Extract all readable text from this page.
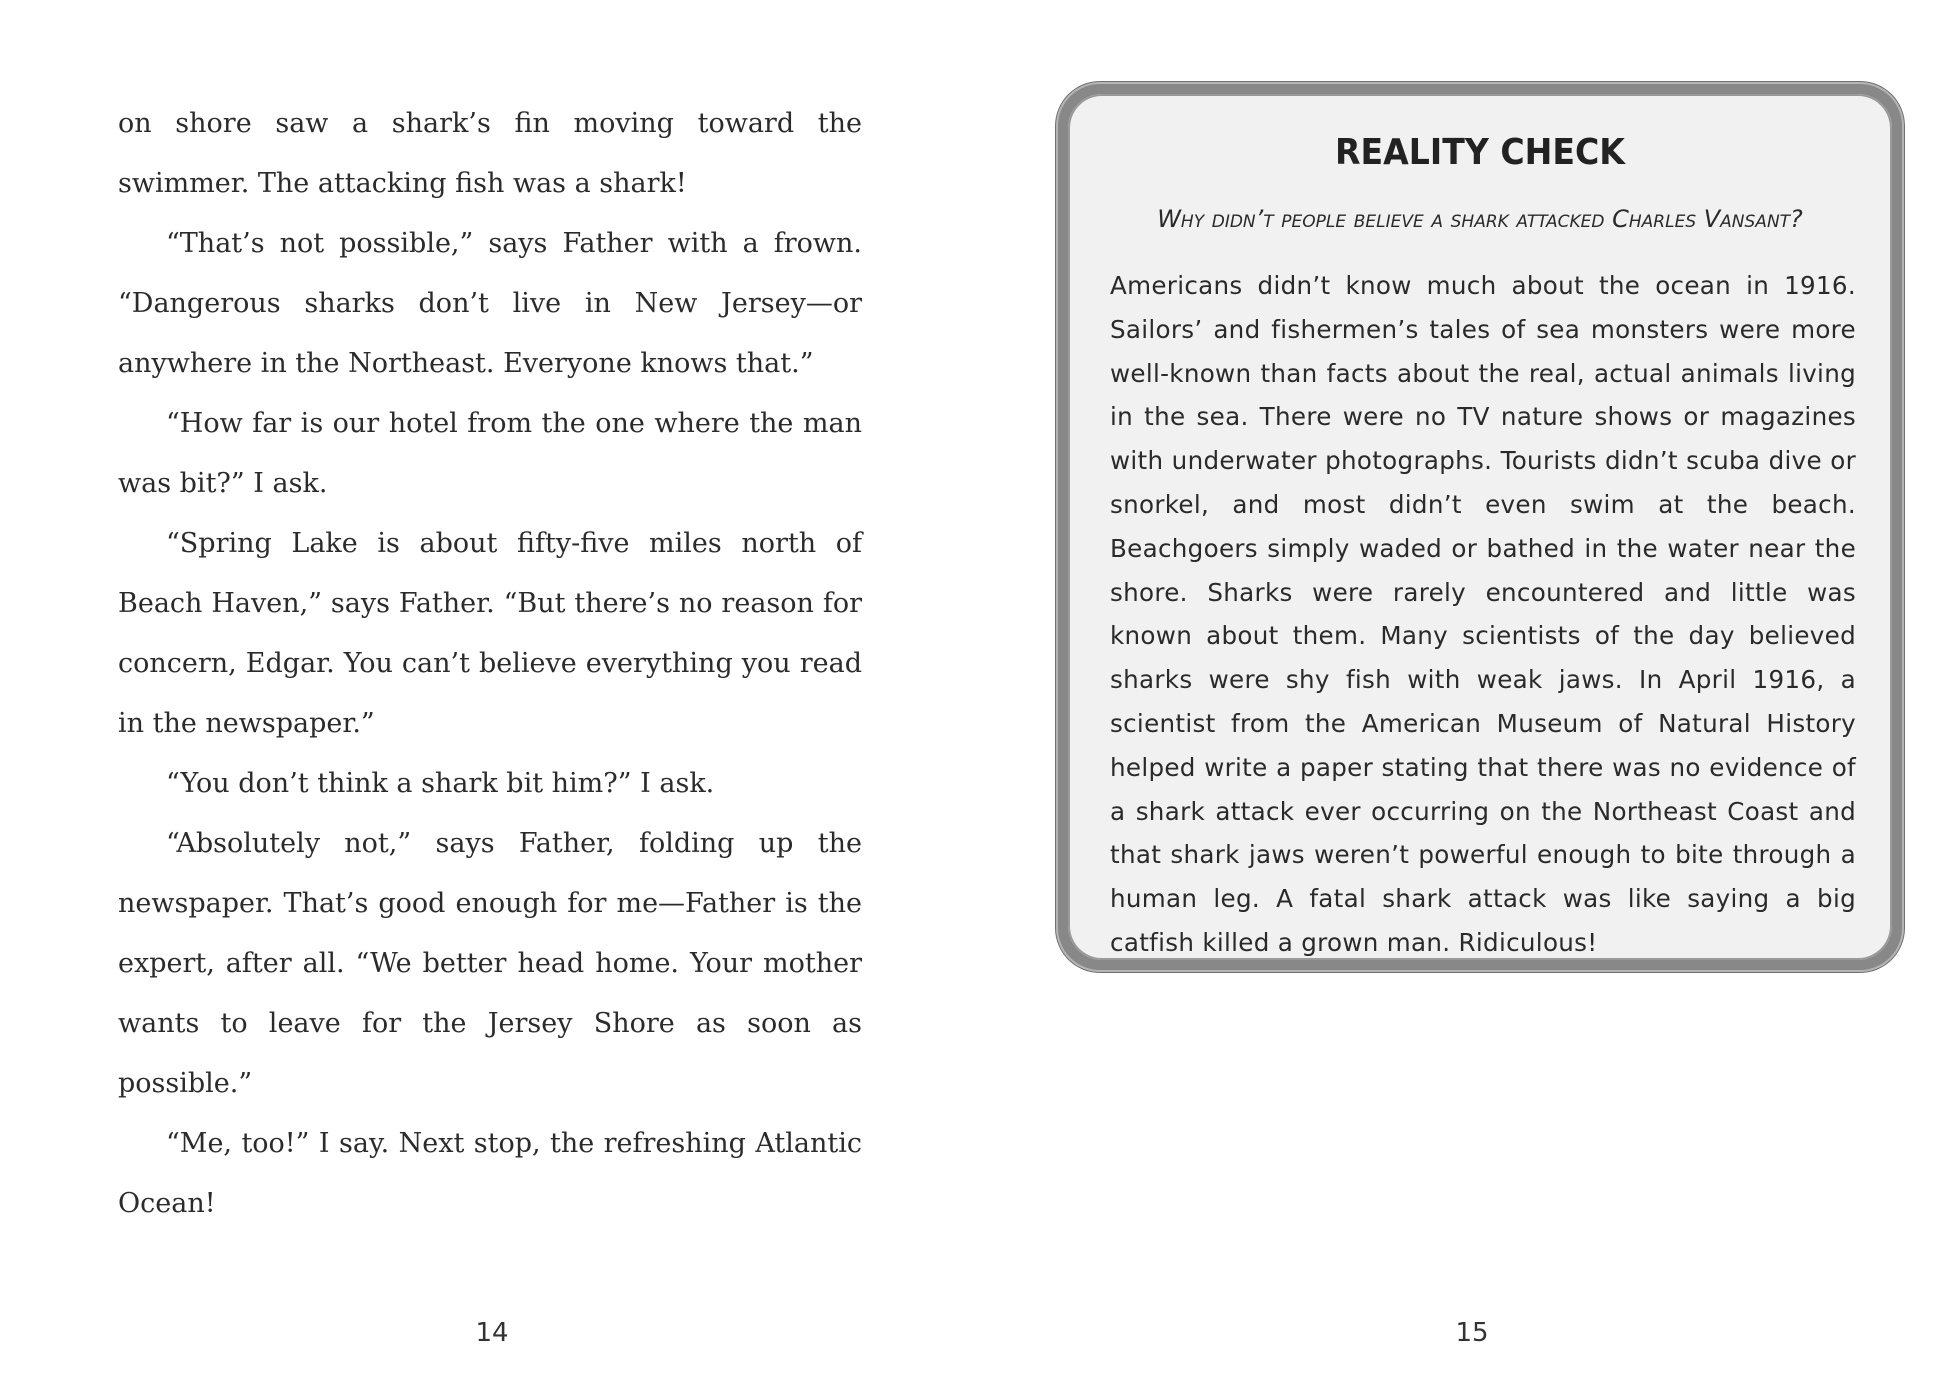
on shore saw a shark’s fin moving toward the swimmer. The attacking fish was a shark!

“That’s not possible,” says Father with a frown. “Dangerous sharks don’t live in New Jersey—or anywhere in the Northeast. Everyone knows that.”

“How far is our hotel from the one where the man was bit?” I ask.

“Spring Lake is about fifty-five miles north of Beach Haven,” says Father. “But there’s no reason for concern, Edgar. You can’t believe everything you read in the newspaper.”

“You don’t think a shark bit him?” I ask.

“Absolutely not,” says Father, folding up the newspaper. That’s good enough for me—Father is the expert, after all. “We better head home. Your mother wants to leave for the Jersey Shore as soon as possible.”

“Me, too!” I say. Next stop, the refreshing Atlantic Ocean!

14
REALITY CHECK
Why didn’t people believe a shark attacked Charles Vansant?

Americans didn’t know much about the ocean in 1916. Sailors’ and fishermen’s tales of sea monsters were more well-known than facts about the real, actual animals living in the sea. There were no TV nature shows or magazines with underwater photographs. Tourists didn’t scuba dive or snorkel, and most didn’t even swim at the beach. Beachgoers simply waded or bathed in the water near the shore. Sharks were rarely encountered and little was known about them. Many scientists of the day believed sharks were shy fish with weak jaws. In April 1916, a scientist from the American Museum of Natural History helped write a paper stating that there was no evidence of a shark attack ever occurring on the Northeast Coast and that shark jaws weren’t powerful enough to bite through a human leg. A fatal shark attack was like saying a big catfish killed a grown man. Ridiculous!

15
